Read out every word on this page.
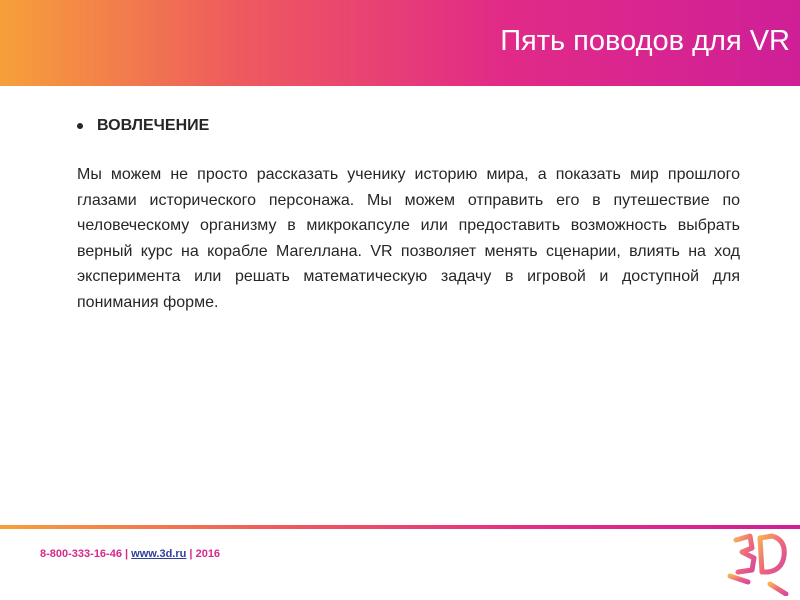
Пять поводов для VR
ВОВЛЕЧЕНИЕ
Мы можем не просто рассказать ученику историю мира, а показать мир прошлого глазами исторического персонажа. Мы можем отправить его в путешествие по человеческому организму в микрокапсуле или предоставить возможность выбрать верный курс на корабле Магеллана. VR позволяет менять сценарии, влиять на ход эксперимента или решать математическую задачу в игровой и доступной для понимания форме.
8-800-333-16-46 | www.3d.ru | 2016
